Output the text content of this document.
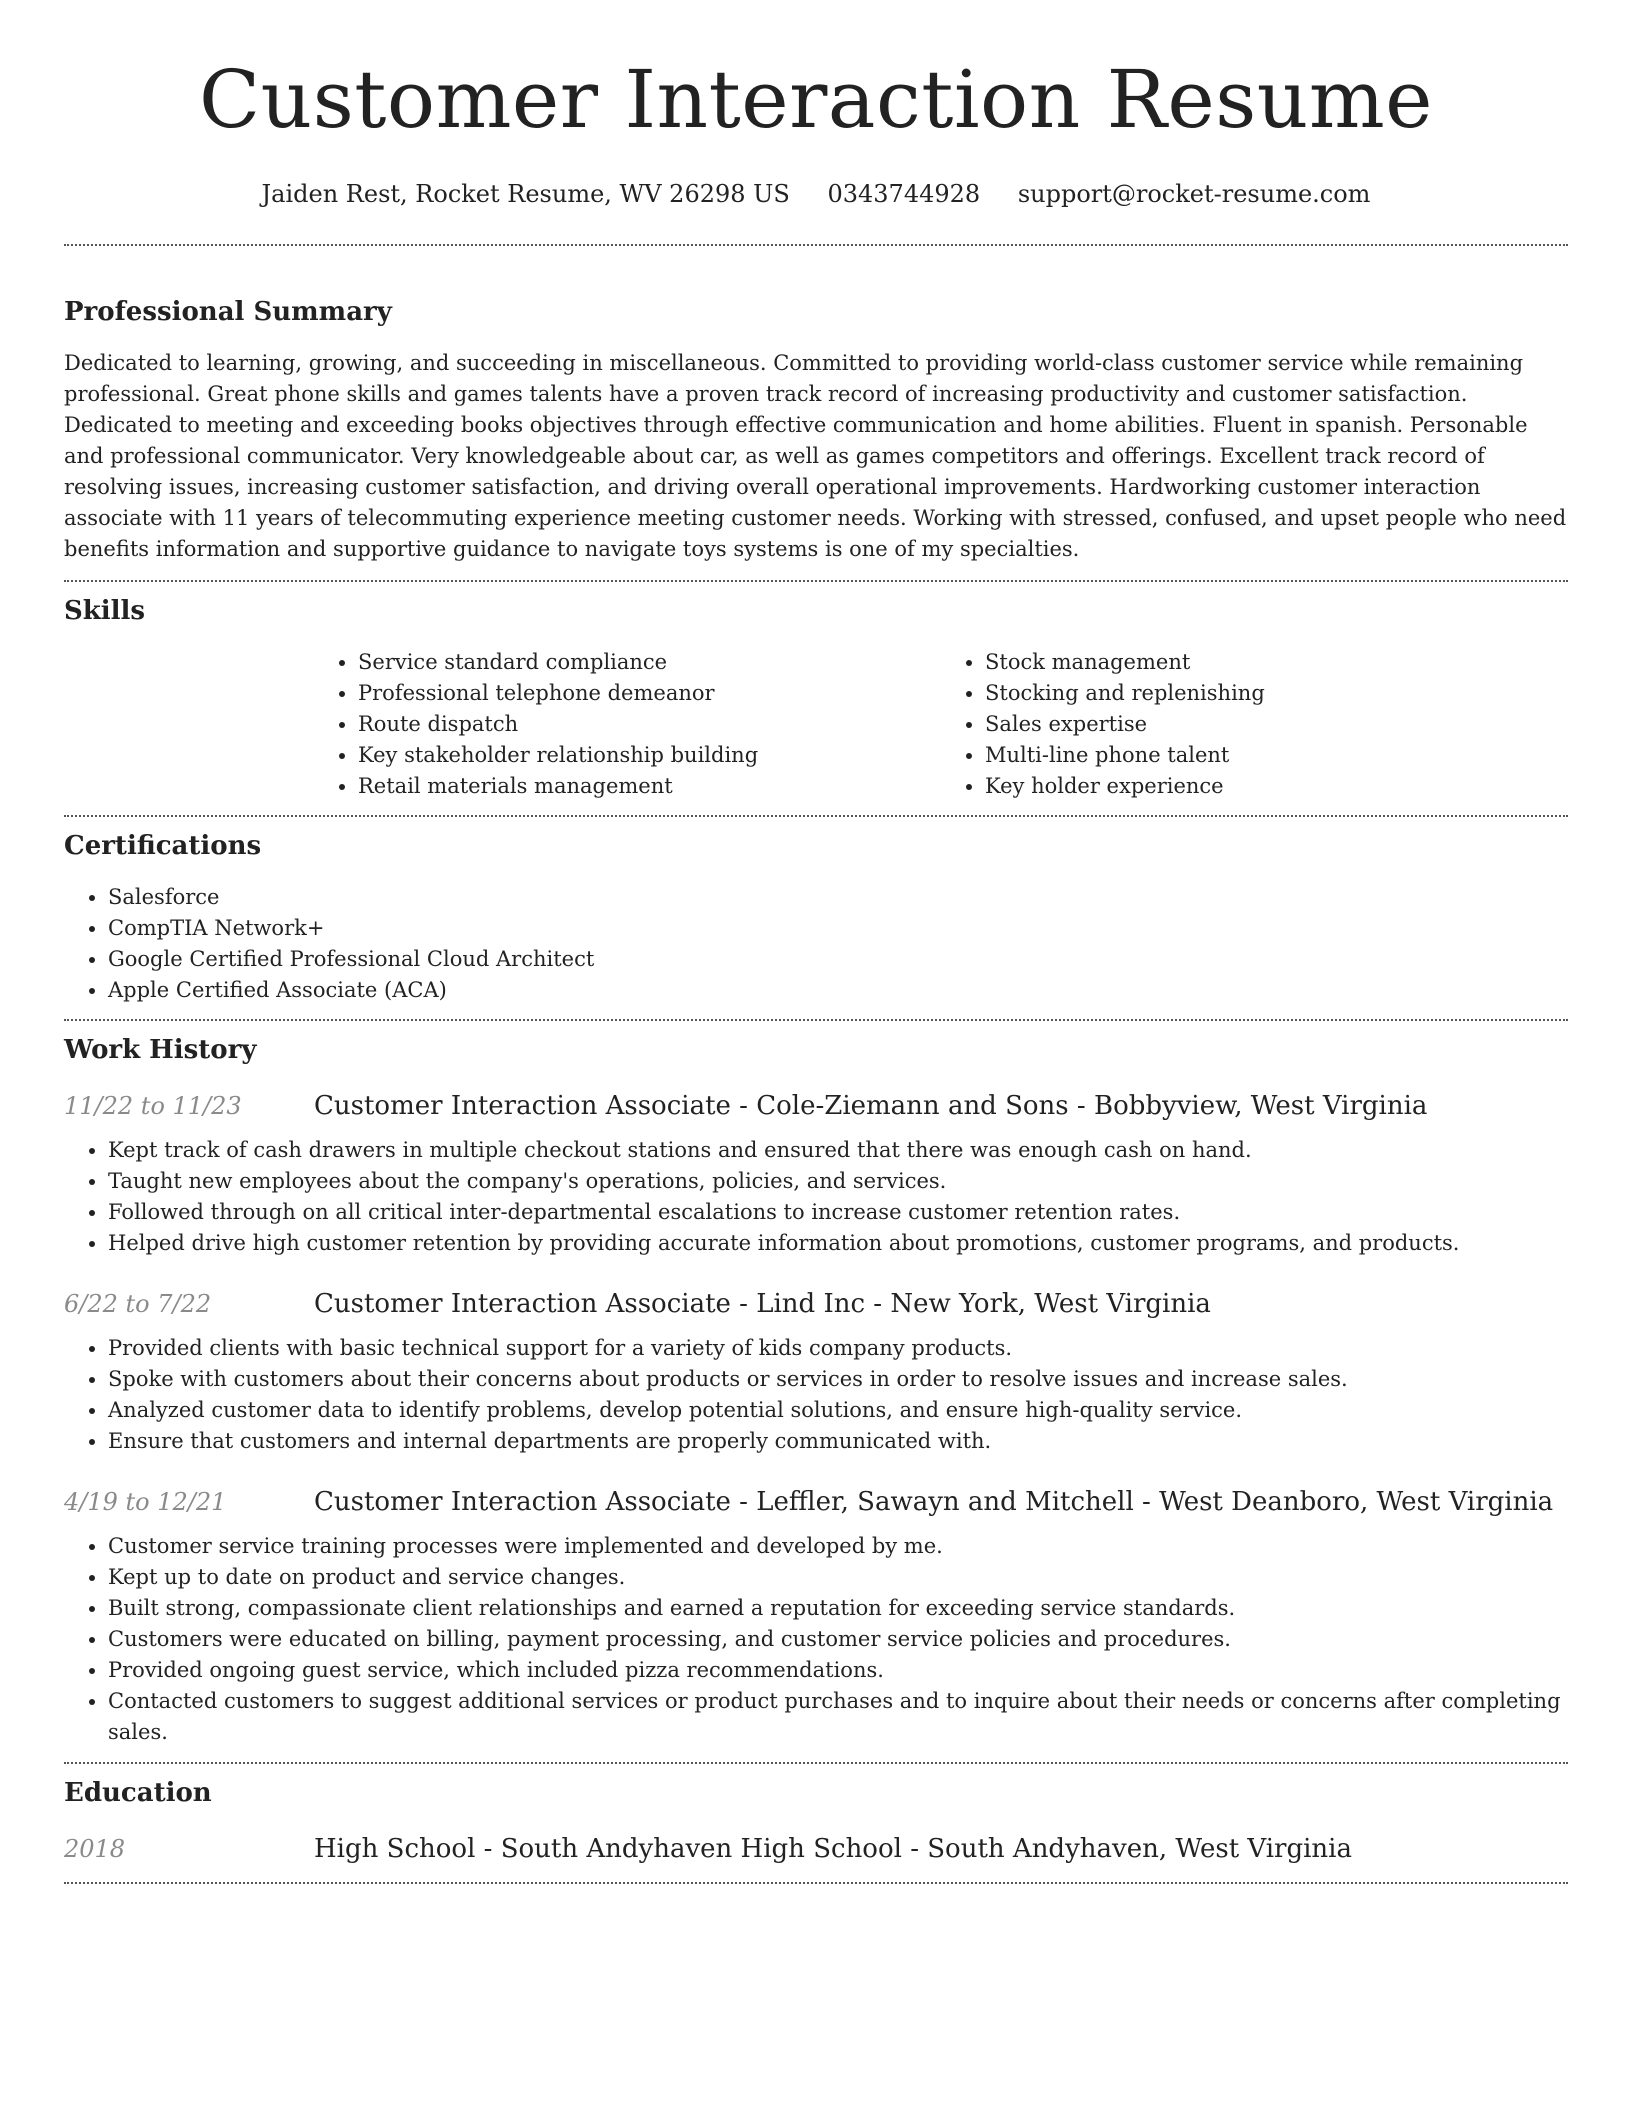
Customer Interaction Resume
Jaiden Rest, Rocket Resume, WV 26298 US 0343744928 support@rocket-resume.com
Professional Summary

Dedicated to learning, growing, and succeeding in miscellaneous. Committed to providing world-class customer service while remaining professional. Great phone skills and games talents have a proven track record of increasing productivity and customer satisfaction. Dedicated to meeting and exceeding books objectives through effective communication and home abilities. Fluent in spanish. Personable and professional communicator. Very knowledgeable about car, as well as games competitors and offerings. Excellent track record of resolving issues, increasing customer satisfaction, and driving overall operational improvements. Hardworking customer interaction associate with 11 years of telecommuting experience meeting customer needs. Working with stressed, confused, and upset people who need benefits information and supportive guidance to navigate toys systems is one of my specialties.

Skills
• Service standard compliance
• Professional telephone demeanor
• Route dispatch
• Key stakeholder relationship building
• Retail materials management
• Stock management
• Stocking and replenishing
• Sales expertise
• Multi-line phone talent
• Key holder experience
Certifications
• Salesforce
• CompTIA Network+
• Google Certified Professional Cloud Architect
• Apple Certified Associate (ACA)
Work History
11/22 to 11/23	Customer Interaction Associate - Cole-Ziemann and Sons - Bobbyview, West Virginia
• Kept track of cash drawers in multiple checkout stations and ensured that there was enough cash on hand.
• Taught new employees about the company's operations, policies, and services.
• Followed through on all critical inter-departmental escalations to increase customer retention rates.
• Helped drive high customer retention by providing accurate information about promotions, customer programs, and products.
6/22 to 7/22	Customer Interaction Associate - Lind Inc - New York, West Virginia
• Provided clients with basic technical support for a variety of kids company products.
• Spoke with customers about their concerns about products or services in order to resolve issues and increase sales.
• Analyzed customer data to identify problems, develop potential solutions, and ensure high-quality service.
• Ensure that customers and internal departments are properly communicated with.
4/19 to 12/21	Customer Interaction Associate - Leffler, Sawayn and Mitchell - West Deanboro, West Virginia
• Customer service training processes were implemented and developed by me.
• Kept up to date on product and service changes.
• Built strong, compassionate client relationships and earned a reputation for exceeding service standards.
• Customers were educated on billing, payment processing, and customer service policies and procedures.
• Provided ongoing guest service, which included pizza recommendations.
• Contacted customers to suggest additional services or product purchases and to inquire about their needs or concerns after completing sales.
Education
2018	High School - South Andyhaven High School - South Andyhaven, West Virginia
